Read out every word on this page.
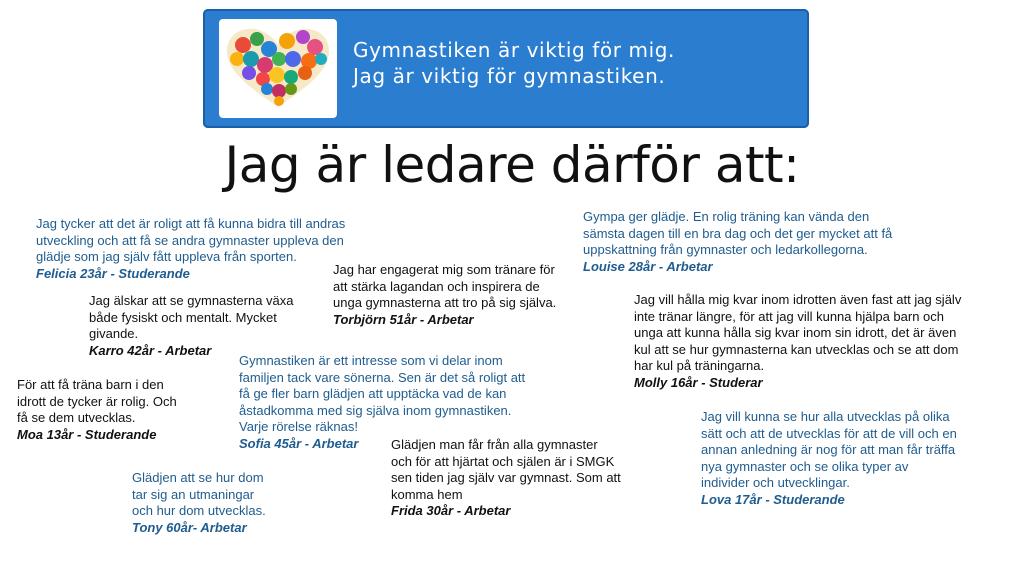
Gymnastiken är viktig för mig.
Jag är viktig för gymnastiken.
Jag är ledare därför att:
Jag tycker att det är roligt att få kunna bidra till andras
utveckling och att få se andra gymnaster uppleva den
glädje som jag själv fått uppleva från sporten.
Felicia 23år - Studerande	Jag har engagerat mig som tränare för
att stärka lagandan och inspirera de
unga gymnasterna att tro på sig själva.
Torbjörn 51år - Arbetar
Gympa ger glädje. En rolig träning kan vända den
sämsta dagen till en bra dag och det ger mycket att få
uppskattning från gymnaster och ledarkollegorna.
Louise 28år - Arbetar
Jag älskar att se gymnasterna växa
både fysiskt och mentalt. Mycket
givande.
Karro 42år - Arbetar
Jag vill hålla mig kvar inom idrotten även fast att jag själv
inte tränar längre, för att jag vill kunna hjälpa barn och
unga att kunna hålla sig kvar inom sin idrott, det är även
kul att se hur gymnasterna kan utvecklas och se att dom
har kul på träningarna.
Molly 16år - Studerar
Gymnastiken är ett intresse som vi delar inom
familjen tack vare sönerna. Sen är det så roligt att
få ge fler barn glädjen att upptäcka vad de kan
åstadkomma med sig själva inom gymnastiken.
Varje rörelse räknas!
Sofia 45år - Arbetar
För att få träna barn i den
idrott de tycker är rolig. Och
få se dem utvecklas.
Moa 13år - Studerande
Jag vill kunna se hur alla utvecklas på olika
sätt och att de utvecklas för att de vill och en
annan anledning är nog för att man får träffa
nya gymnaster och se olika typer av
individer och utvecklingar.
Lova 17år - Studerande
Glädjen man får från alla gymnaster
och för att hjärtat och själen är i SMGK
sen tiden jag själv var gymnast. Som att
komma hem
Frida 30år - Arbetar
Glädjen att se hur dom
tar sig an utmaningar
och hur dom utvecklas.
Tony 60år- Arbetar
